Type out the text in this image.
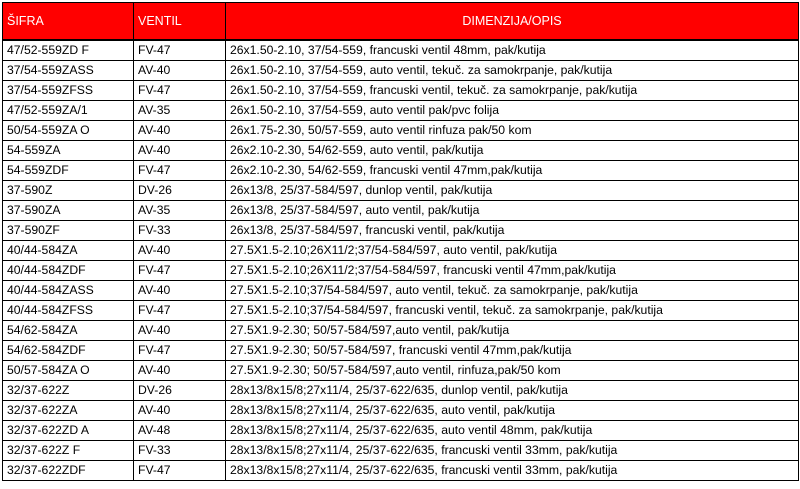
ŠIFRA	VENTIL	DIMENZIJA/OPIS
47/52-559ZD F	FV-47	26x1.50-2.10, 37/54-559, francuski ventil 48mm, pak/kutija
37/54-559ZASS	AV-40	26x1.50-2.10, 37/54-559, auto ventil, tekuč. za samokrpanje, pak/kutija
37/54-559ZFSS	FV-47	26x1.50-2.10, 37/54-559, francuski ventil, tekuč. za samokrpanje, pak/kutija
47/52-559ZA/1	AV-35	26x1.50-2.10, 37/54-559, auto ventil pak/pvc folija
50/54-559ZA O	AV-40	26x1.75-2.30, 50/57-559, auto ventil rinfuza pak/50 kom
54-559ZA	AV-40	26x2.10-2.30, 54/62-559, auto ventil, pak/kutija
54-559ZDF	FV-47	26x2.10-2.30, 54/62-559, francuski ventil 47mm,pak/kutija
37-590Z	DV-26	26x13/8, 25/37-584/597, dunlop ventil, pak/kutija
37-590ZA	AV-35	26x13/8, 25/37-584/597, auto ventil, pak/kutija
37-590ZF	FV-33	26x13/8, 25/37-584/597, francuski ventil, pak/kutija
40/44-584ZA	AV-40	27.5X1.5-2.10;26X11/2;37/54-584/597, auto ventil, pak/kutija
40/44-584ZDF	FV-47	27.5X1.5-2.10;26X11/2;37/54-584/597, francuski ventil 47mm,pak/kutija
40/44-584ZASS	AV-40	27.5X1.5-2.10;37/54-584/597, auto ventil, tekuč. za samokrpanje, pak/kutija
40/44-584ZFSS	FV-47	27.5X1.5-2.10;37/54-584/597, francuski ventil, tekuč. za samokrpanje, pak/kutija
54/62-584ZA	AV-40	27.5X1.9-2.30; 50/57-584/597,auto ventil, pak/kutija
54/62-584ZDF	FV-47	27.5X1.9-2.30; 50/57-584/597, francuski ventil 47mm,pak/kutija
50/57-584ZA O	AV-40	27.5X1.9-2.30; 50/57-584/597,auto ventil, rinfuza,pak/50 kom
32/37-622Z	DV-26	28x13/8x15/8;27x11/4, 25/37-622/635, dunlop ventil, pak/kutija
32/37-622ZA	AV-40	28x13/8x15/8;27x11/4, 25/37-622/635, auto ventil, pak/kutija
32/37-622ZD A	AV-48	28x13/8x15/8;27x11/4, 25/37-622/635, auto ventil 48mm, pak/kutija
32/37-622Z F	FV-33	28x13/8x15/8;27x11/4, 25/37-622/635, francuski ventil 33mm, pak/kutija
32/37-622ZDF	FV-47	28x13/8x15/8;27x11/4, 25/37-622/635, francuski ventil 33mm, pak/kutija
